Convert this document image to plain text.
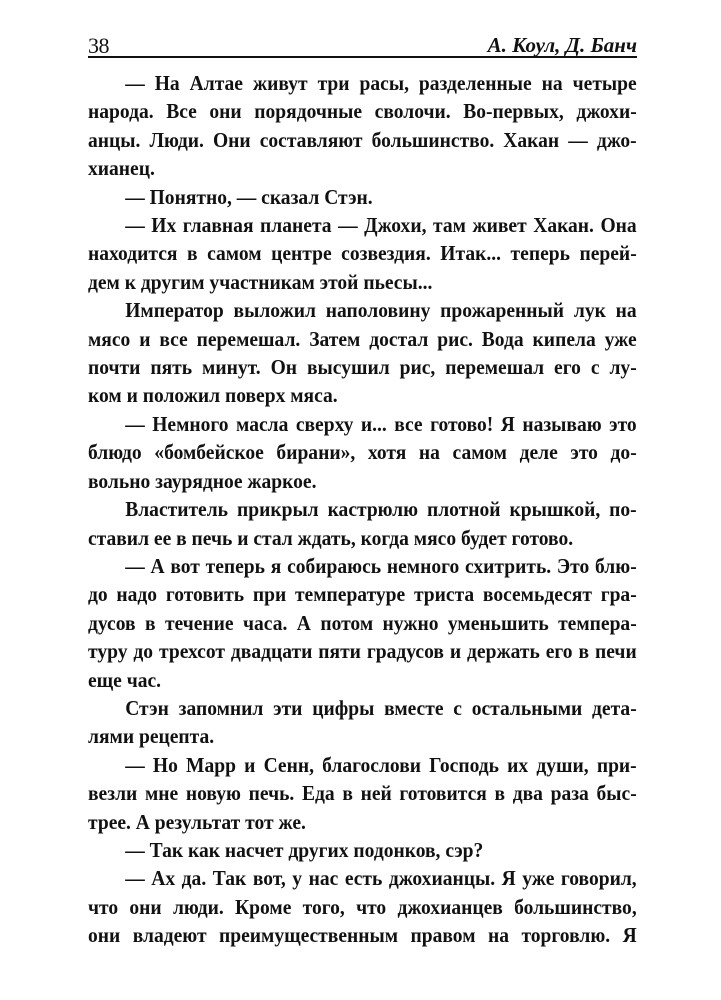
38	А. Коул, Д. Банч
— На Алтае живут три расы, разделенные на четыре
народа. Все они порядочные сволочи. Во-первых, джохи-
анцы. Люди. Они составляют большинство. Хакан — джо-
хианец.
— Понятно, — сказал Стэн.
— Их главная планета — Джохи, там живет Хакан. Она
находится в самом центре созвездия. Итак... теперь перей-
дем к другим участникам этой пьесы...
Император выложил наполовину прожаренный лук на
мясо и все перемешал. Затем достал рис. Вода кипела уже
почти пять минут. Он высушил рис, перемешал его с лу-
ком и положил поверх мяса.
— Немного масла сверху и... все готово! Я называю это
блюдо «бомбейское бирани», хотя на самом деле это до-
вольно заурядное жаркое.
Властитель прикрыл кастрюлю плотной крышкой, по-
ставил ее в печь и стал ждать, когда мясо будет готово.
— А вот теперь я собираюсь немного схитрить. Это блю-
до надо готовить при температуре триста восемьдесят гра-
дусов в течение часа. А потом нужно уменьшить темпера-
туру до трехсот двадцати пяти градусов и держать его в печи
еще час.
Стэн запомнил эти цифры вместе с остальными дета-
лями рецепта.
— Но Марр и Сенн, благослови Господь их души, при-
везли мне новую печь. Еда в ней готовится в два раза быс-
трее. А результат тот же.
— Так как насчет других подонков, сэр?
— Ах да. Так вот, у нас есть джохианцы. Я уже говорил,
что они люди. Кроме того, что джохианцев большинство,
они владеют преимущественным правом на торговлю. Я
